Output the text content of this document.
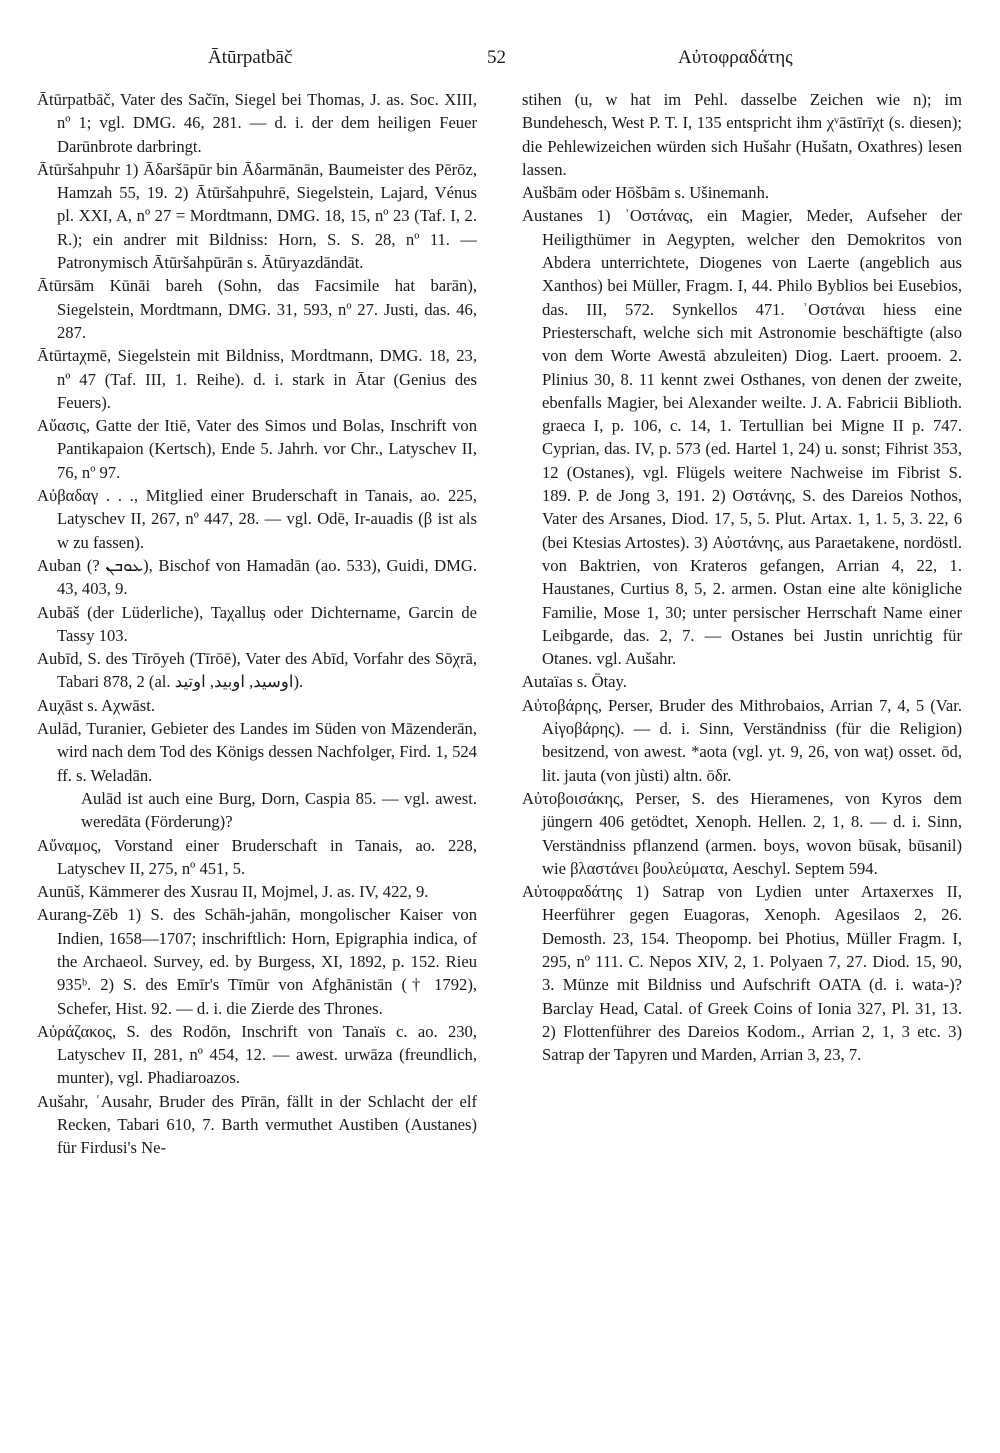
Ātūrpatbāč	52	Αὐτοφραδάτης

Ātūrpatbāč, Vater des Sačīn, Siegel bei Thomas, J. as. Soc. XIII, nº 1; vgl. DMG. 46, 281. — d. i. der dem heiligen Feuer Darūnbrote darbringt.

Ātūršahpuhr 1) Āδaršāpūr bin Āδarmānān, Baumeister des Pērōz, Hamzah 55, 19. 2) Ātūršahpuhrē, Siegelstein, Lajard, Vénus pl. XXI, A, nº 27 = Mordtmann, DMG. 18, 15, nº 23 (Taf. I, 2. R.); ein andrer mit Bildniss: Horn, S. S. 28, nº 11. — Patronymisch Ātūršahpūrān s. Ātūryazdāndāt.

Ātūrsām Kūnāi bareh (Sohn, das Facsimile hat barān), Siegelstein, Mordtmann, DMG. 31, 593, nº 27. Justi, das. 46, 287.

Ātūrtaχmē, Siegelstein mit Bildniss, Mordtmann, DMG. 18, 23, nº 47 (Taf. III, 1. Reihe). d. i. stark in Ātar (Genius des Feuers).

Αὔασις, Gatte der Itiē, Vater des Simos und Bolas, Inschrift von Pantikapaion (Kertsch), Ende 5. Jahrh. vor Chr., Latyschev II, 76, nº 97.

Αὐβαδαγ . . ., Mitglied einer Bruderschaft in Tanais, ao. 225, Latyschev II, 267, nº 447, 28. — vgl. Odē, Ir-auadis (β ist als w zu fassen).

Auban (? ܥܘܒܢ), Bischof von Hamadān (ao. 533), Guidi, DMG. 43, 403, 9.

Aubāš (der Lüderliche), Taχalluṣ oder Dichtername, Garcin de Tassy 103.

Aubīd, S. des Tīrōyeh (Tīrōē), Vater des Abīd, Vorfahr des Sōχrā, Tabari 878, 2 (al. اوسيد, اوبيد, اوتيد).

Auχāst s. Aχwāst.

Aulād, Turanier, Gebieter des Landes im Süden von Māzenderān, wird nach dem Tod des Königs dessen Nachfolger, Fird. 1, 524 ff. s. Weladān.

Aulād ist auch eine Burg, Dorn, Caspia 85. — vgl. awest. weredāta (Förderung)?

Αὔναμος, Vorstand einer Bruderschaft in Tanais, ao. 228, Latyschev II, 275, nº 451, 5.

Aunūš, Kämmerer des Xusrau II, Mojmel, J. as. IV, 422, 9.

Aurang-Zēb 1) S. des Schāh-jahān, mongolischer Kaiser von Indien, 1658—1707; inschriftlich: Horn, Epigraphia indica, of the Archaeol. Survey, ed. by Burgess, XI, 1892, p. 152. Rieu 935ᵇ. 2) S. des Emīr's Tīmūr von Afghānistān († 1792), Schefer, Hist. 92. — d. i. die Zierde des Thrones.

Αὐράζακος, S. des Rodōn, Inschrift von Tanaïs c. ao. 230, Latyschev II, 281, nº 454, 12. — awest. urwāza (freundlich, munter), vgl. Phadiaroazos.

Aušahr, ʿAusahr, Bruder des Pīrān, fällt in der Schlacht der elf Recken, Tabari 610, 7. Barth vermuthet Austiben (Austanes) für Firdusi's Ne-

stihen (u, w hat im Pehl. dasselbe Zeichen wie n); im Bundehesch, West P. T. I, 135 entspricht ihm χᵛāstīrīχt (s. diesen); die Pehlewizeichen würden sich Hušahr (Hušatn, Oxathres) lesen lassen.

Aušbām oder Hōšbām s. Ušinemanh.

Austanes 1) ʾΟστάνας, ein Magier, Meder, Aufseher der Heiligthümer in Aegypten, welcher den Demokritos von Abdera unterrichtete, Diogenes von Laerte (angeblich aus Xanthos) bei Müller, Fragm. I, 44. Philo Byblios bei Eusebios, das. III, 572. Synkellos 471. ʾΟστάναι hiess eine Priesterschaft, welche sich mit Astronomie beschäftigte (also von dem Worte Awestā abzuleiten) Diog. Laert. prooem. 2. Plinius 30, 8. 11 kennt zwei Osthanes, von denen der zweite, ebenfalls Magier, bei Alexander weilte. J. A. Fabricii Biblioth. graeca I, p. 106, c. 14, 1. Tertullian bei Migne II p. 747. Cyprian, das. IV, p. 573 (ed. Hartel 1, 24) u. sonst; Fihrist 353, 12 (Ostanes), vgl. Flügels weitere Nachweise im Fibrist S. 189. P. de Jong 3, 191. 2) Οστάνης, S. des Dareios Nothos, Vater des Arsanes, Diod. 17, 5, 5. Plut. Artax. 1, 1. 5, 3. 22, 6 (bei Ktesias Artostes). 3) Αὐστάνης, aus Paraetakene, nordöstl. von Baktrien, von Krateros gefangen, Arrian 4, 22, 1. Haustanes, Curtius 8, 5, 2. armen. Ostan eine alte königliche Familie, Mose 1, 30; unter persischer Herrschaft Name einer Leibgarde, das. 2, 7. — Ostanes bei Justin unrichtig für Otanes. vgl. Aušahr.

Autaïas s. Ōtay.

Αὐτοβάρης, Perser, Bruder des Mithrobaios, Arrian 7, 4, 5 (Var. Αἰγοβάρης). — d. i. Sinn, Verständniss (für die Religion) besitzend, von awest. *aota (vgl. yt. 9, 26, von waṭ) osset. ōd, lit. jauta (von jùsti) altn. ōδr.

Αὐτοβοισάκης, Perser, S. des Hieramenes, von Kyros dem jüngern 406 getödtet, Xenoph. Hellen. 2, 1, 8. — d. i. Sinn, Verständniss pflanzend (armen. boys, wovon būsak, būsanil) wie βλαστάνει βουλεύματα, Aeschyl. Septem 594.

Αὐτοφραδάτης 1) Satrap von Lydien unter Artaxerxes II, Heerführer gegen Euagoras, Xenoph. Agesilaos 2, 26. Demosth. 23, 154. Theopomp. bei Photius, Müller Fragm. I, 295, nº 111. C. Nepos XIV, 2, 1. Polyaen 7, 27. Diod. 15, 90, 3. Münze mit Bildniss und Aufschrift OATA (d. i. wata-)? Barclay Head, Catal. of Greek Coins of Ionia 327, Pl. 31, 13. 2) Flottenführer des Dareios Kodom., Arrian 2, 1, 3 etc. 3) Satrap der Tapyren und Marden, Arrian 3, 23, 7.
